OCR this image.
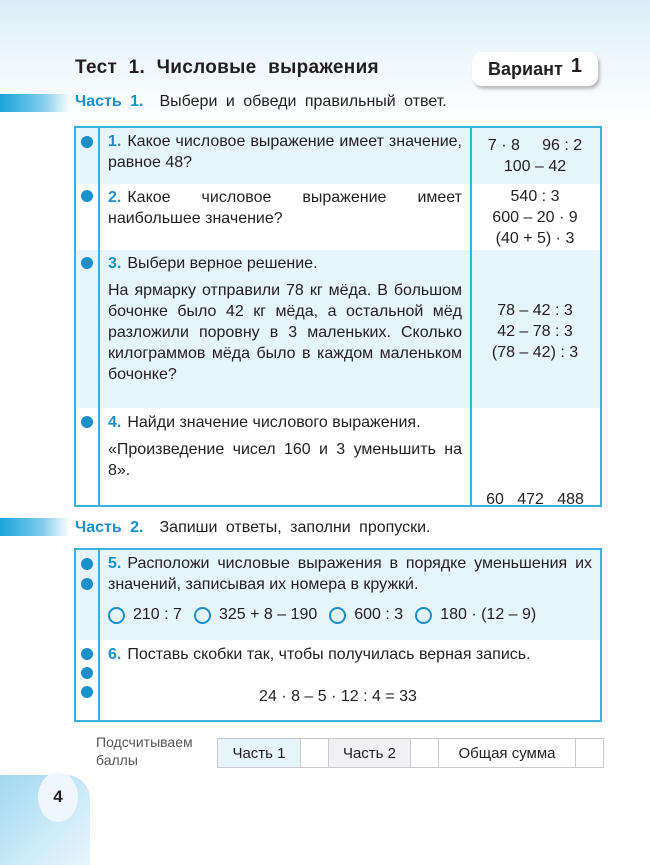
4
Тест 1. Числовые выражения	Вариант 1
Часть 1. Выбери и обведи правильный ответ.

1. Какое числовое выражение имеет значение, равное 48?

7 · 8     96 : 2
100 – 42

2. Какое числовое выражение имеет наибольшее значение?

540 : 3
600 – 20 · 9
(40 + 5) · 3

3. Выбери верное решение.

На ярмарку отправили 78 кг мёда. В большом бочонке было 42 кг мёда, а остальной мёд разложили поровну в 3 маленьких. Сколько килограммов мёда было в каждом маленьком бочонке?

78 – 42 : 3
42 – 78 : 3
(78 – 42) : 3

4. Найди значение числового выражения.

«Произведение чисел 160 и 3 уменьшить на 8».

60   472   488

Часть 2. Запиши ответы, заполни пропуски.
5. Расположи числовые выражения в порядке уменьшения их значений, записывая их номера в кружки́.
210 : 7 325 + 8 – 190 600 : 3 180 · (12 – 9)
6. Поставь скобки так, чтобы получилась верная запись.
24 · 8 – 5 · 12 : 4 = 33
Подсчитываем баллы	Часть 1	Часть 2	Общая сумма
